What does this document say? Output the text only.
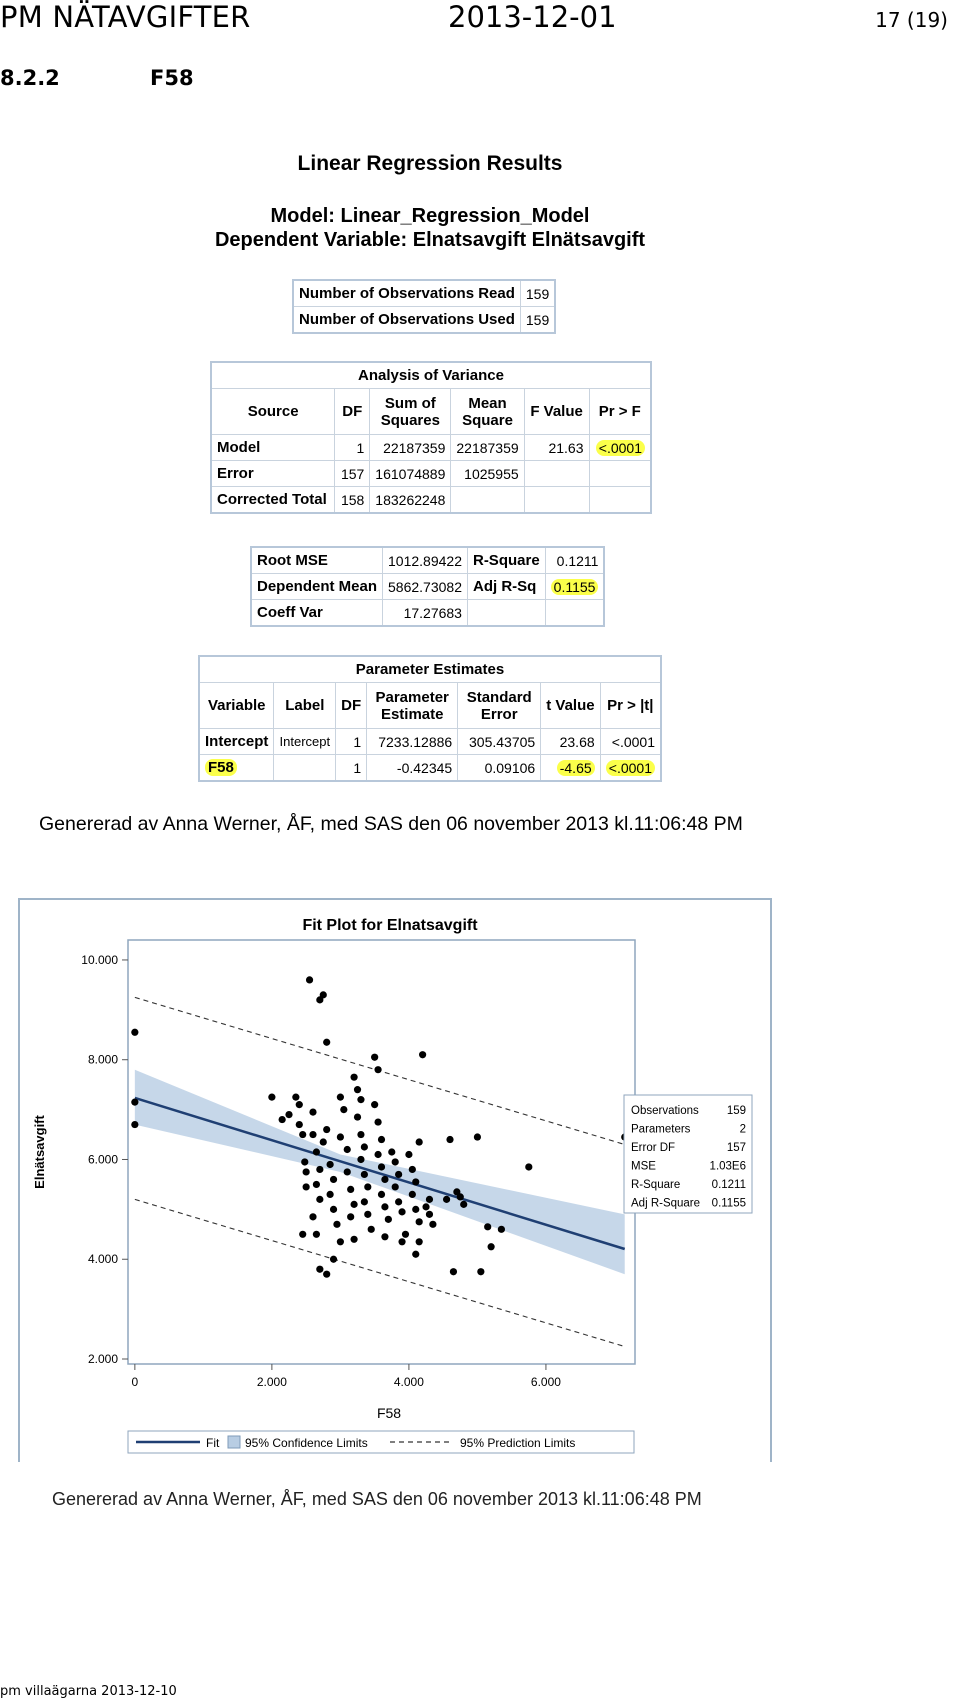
PM NÄTAVGIFTER	2013-12-01	17 (19)
8.2.2	F58
Linear Regression Results
Model: Linear_Regression_Model
Dependent Variable: Elnatsavgift Elnätsavgift
Number of Observations Read	159
Number of Observations Used	159
Analysis of Variance					
Source	DF	Sum of Squares	Mean Square	F Value	Pr > F
Model	1	22187359	22187359	21.63	<.0001
Error	157	161074889	1025955		
Corrected Total	158	183262248			
Root MSE	1012.89422	R-Square	0.1211
Dependent Mean	5862.73082	Adj R-Sq	0.1155
Coeff Var	17.27683		
Parameter Estimates						
Variable	Label	DF	Parameter Estimate	Standard Error	t Value	Pr > |t|
Intercept	Intercept	1	7233.12886	305.43705	23.68	<.0001
F58		1	-0.42345	0.09106	-4.65	<.0001
Genererad av Anna Werner, ÅF, med SAS den 06 november 2013 kl.11:06:48 PM
Fit Plot for Elnatsavgift
2.000
4.000
6.000
8.000
10.000
0	2.000	4.000	6.000
F58
Elnätsavgift
Observations 159
Parameters	2
Error DF	157
MSE	1.03E6
R-Square	0.1211
Adj R-Square 0.1155
Fit 95% Confidence Limits	95% Prediction Limits
Genererad av Anna Werner, ÅF, med SAS den 06 november 2013 kl.11:06:48 PM
pm villaägarna 2013-12-10
